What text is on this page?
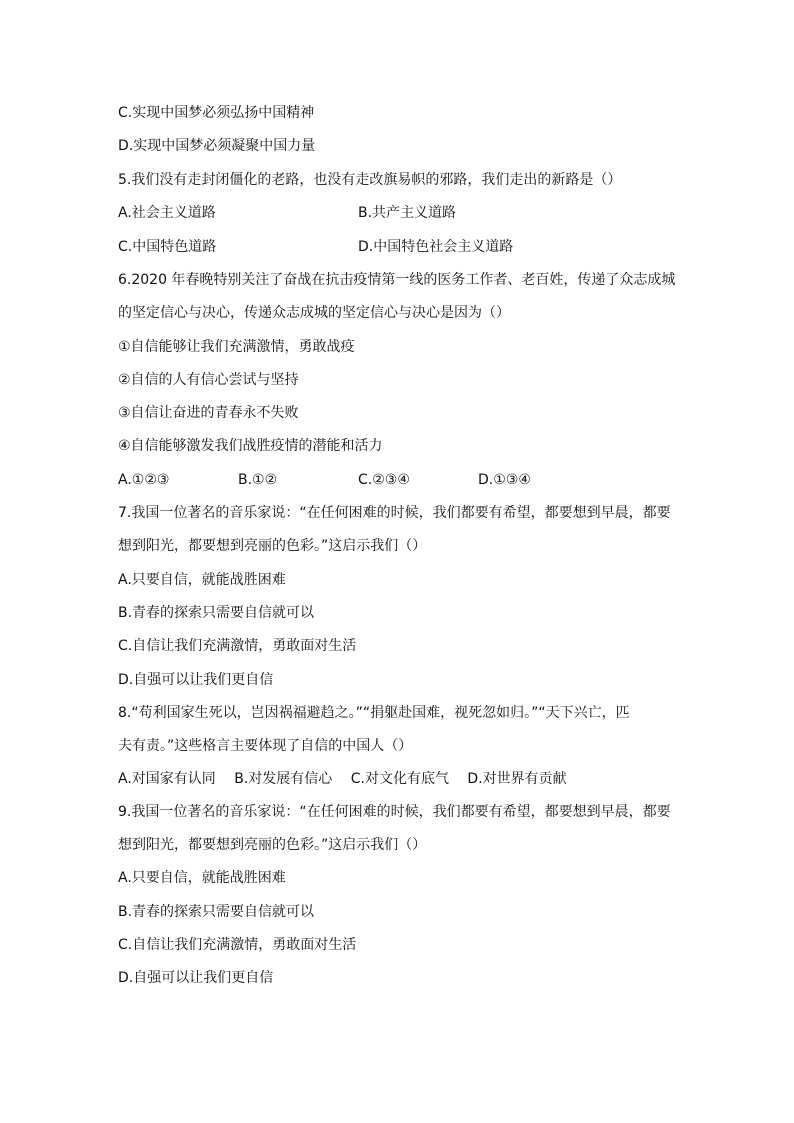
C.实现中国梦必须弘扬中国精神
D.实现中国梦必须凝聚中国力量
5.我们没有走封闭僵化的老路，也没有走改旗易帜的邪路，我们走出的新路是（）
A.社会主义道路	B.共产主义道路
C.中国特色道路	D.中国特色社会主义道路
6.2020 年春晚特别关注了奋战在抗击疫情第一线的医务工作者、老百姓，传递了众志成城
的坚定信心与决心，传递众志成城的坚定信心与决心是因为（）
①自信能够让我们充满激情，勇敢战疫
②自信的人有信心尝试与坚持
③自信让奋进的青春永不失败
④自信能够激发我们战胜疫情的潜能和活力
A.①②③	B.①②	C.②③④	D.①③④
7.我国一位著名的音乐家说：“在任何困难的时候，我们都要有希望，都要想到早晨，都要
想到阳光，都要想到亮丽的色彩。”这启示我们（）
A.只要自信，就能战胜困难
B.青春的探索只需要自信就可以
C.自信让我们充满激情，勇敢面对生活
D.自强可以让我们更自信
8.“苟利国家生死以，岂因祸福避趋之。”“捐躯赴国难，视死忽如归。”“天下兴亡，匹
夫有责。”这些格言主要体现了自信的中国人（）
A.对国家有认同　 B.对发展有信心　 C.对文化有底气　 D.对世界有贡献
9.我国一位著名的音乐家说：“在任何困难的时候，我们都要有希望，都要想到早晨，都要
想到阳光，都要想到亮丽的色彩。”这启示我们（）
A.只要自信，就能战胜困难
B.青春的探索只需要自信就可以
C.自信让我们充满激情，勇敢面对生活
D.自强可以让我们更自信
